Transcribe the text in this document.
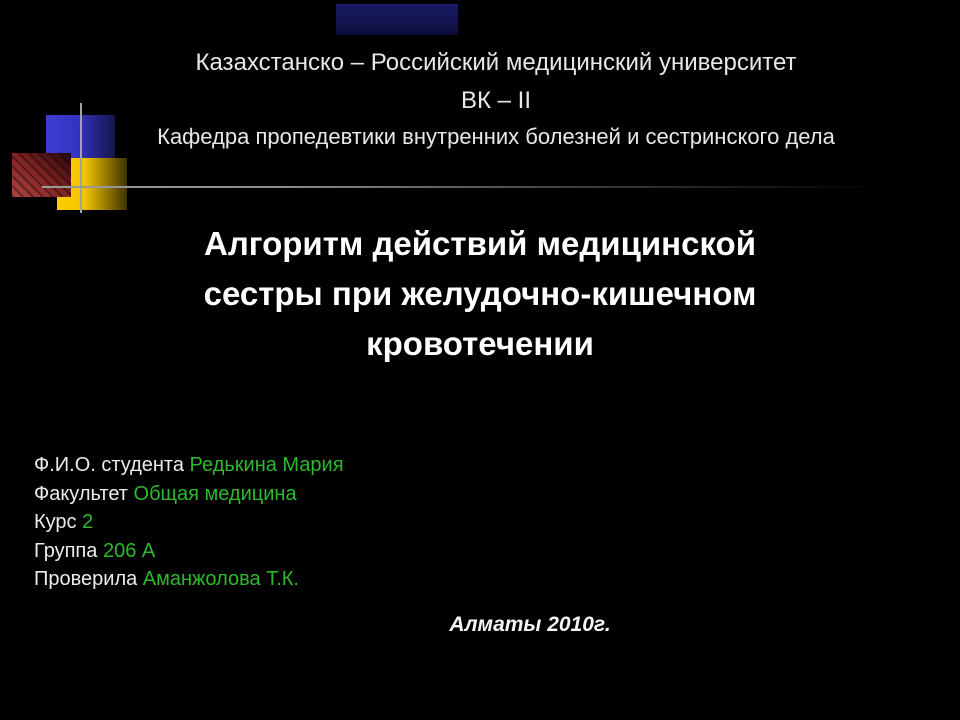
Казахстанско – Российский медицинский университет
ВК – II
Кафедра пропедевтики внутренних болезней и сестринского дела
Алгоритм действий медицинской
сестры при желудочно-кишечном
кровотечении
Ф.И.О. студента Редькина Мария
Факультет Общая медицина
Курс 2
Группа 206 А
Проверила Аманжолова Т.К.
Алматы 2010г.
